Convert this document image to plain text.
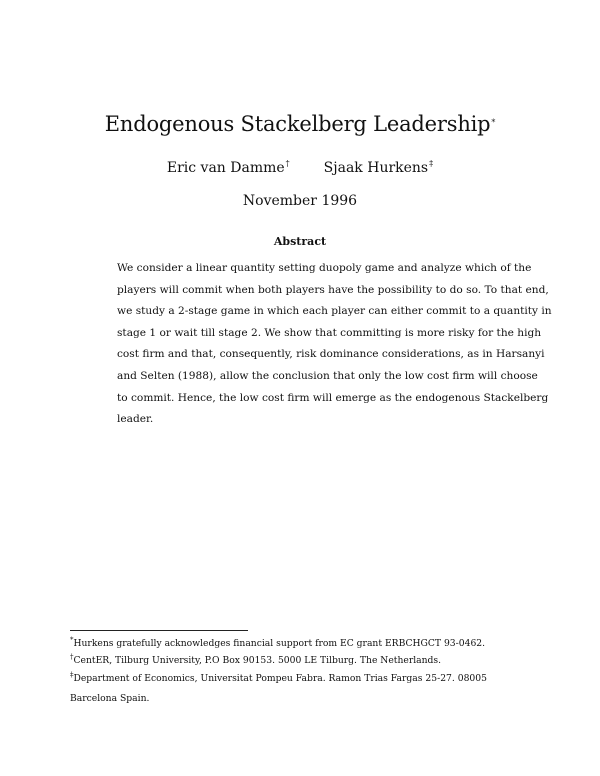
Endogenous Stackelberg Leadership*
Eric van Damme† Sjaak Hurkens‡
November 1996
Abstract
We consider a linear quantity setting duopoly game and analyze which of the
players will commit when both players have the possibility to do so. To that end,
we study a 2-stage game in which each player can either commit to a quantity in
stage 1 or wait till stage 2. We show that committing is more risky for the high
cost firm and that, consequently, risk dominance considerations, as in Harsanyi
and Selten (1988), allow the conclusion that only the low cost firm will choose
to commit. Hence, the low cost firm will emerge as the endogenous Stackelberg
leader.
*Hurkens gratefully acknowledges financial support from EC grant ERBCHGCT 93-0462.
†CentER, Tilburg University, P.O Box 90153. 5000 LE Tilburg. The Netherlands.
‡Department of Economics, Universitat Pompeu Fabra. Ramon Trias Fargas 25-27. 08005 Barcelona Spain.
